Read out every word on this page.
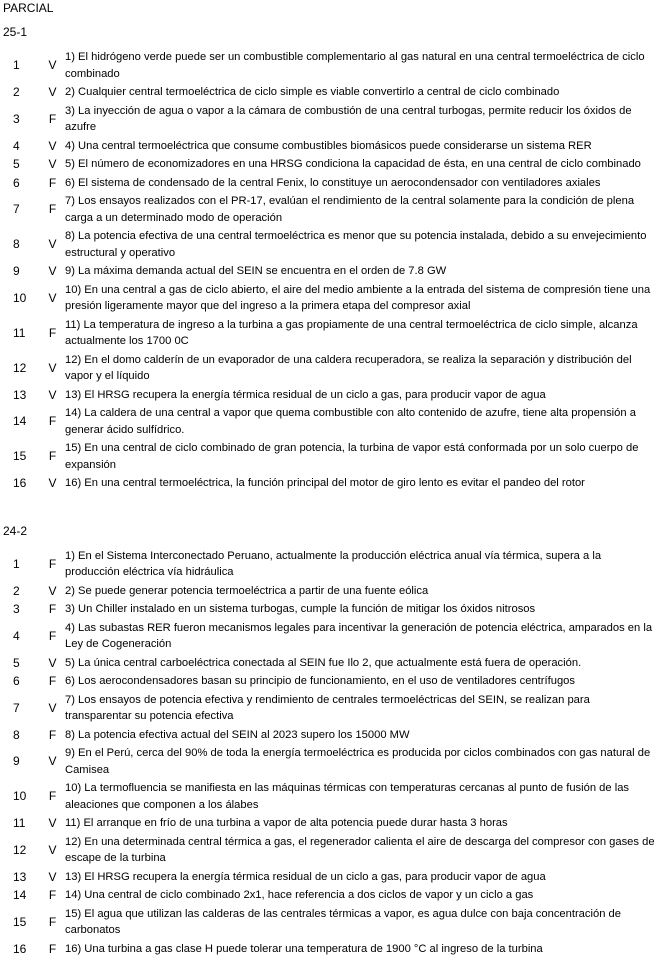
PARCIAL
25-1
1	V	1) El hidrógeno verde puede ser un combustible complementario al gas natural en una central termoeléctrica de ciclo combinado
2	V	2) Cualquier central termoeléctrica de ciclo simple es viable convertirlo a central de ciclo combinado
3	F	3) La inyección de agua o vapor a la cámara de combustión de una central turbogas, permite reducir los óxidos de azufre
4	V	4) Una central termoeléctrica que consume combustibles biomásicos puede considerarse un sistema RER
5	V	5) El número de economizadores en una HRSG condiciona la capacidad de ésta, en una central de ciclo combinado
6	F	6) El sistema de condensado de la central Fenix, lo constituye un aerocondensador con ventiladores axiales
7	F	7) Los ensayos realizados con el PR-17, evalúan el rendimiento de la central solamente para la condición de plena carga a un determinado modo de operación
8	V	8) La potencia efectiva de una central termoeléctrica es menor que su potencia instalada, debido a su envejecimiento estructural y operativo
9	V	9) La máxima demanda actual del SEIN se encuentra en el orden de 7.8 GW
10	V	10) En una central a gas de ciclo abierto, el aire del medio ambiente a la entrada del sistema de compresión tiene una presión ligeramente mayor que del ingreso a la primera etapa del compresor axial
11	F	11) La temperatura de ingreso a la turbina a gas propiamente de una central termoeléctrica de ciclo simple, alcanza actualmente los 1700 0C
12	V	12) En el domo calderín de un evaporador de una caldera recuperadora, se realiza la separación y distribución del vapor y el líquido
13	V	13) El HRSG recupera la energía térmica residual de un ciclo a gas, para producir vapor de agua
14	F	14) La caldera de una central a vapor que quema combustible con alto contenido de azufre, tiene alta propensión a generar ácido sulfídrico.
15	F	15) En una central de ciclo combinado de gran potencia, la turbina de vapor está conformada por un solo cuerpo de expansión
16	V	16) En una central termoeléctrica, la función principal del motor de giro lento es evitar el pandeo del rotor
24-2
1	F	1) En el Sistema Interconectado Peruano, actualmente la producción eléctrica anual vía térmica, supera a la producción eléctrica vía hidráulica
2	V	2) Se puede generar potencia termoeléctrica a partir de una fuente eólica
3	F	3) Un Chiller instalado en un sistema turbogas, cumple la función de mitigar los óxidos nitrosos
4	F	4) Las subastas RER fueron mecanismos legales para incentivar la generación de potencia eléctrica, amparados en la Ley de Cogeneración
5	V	5) La única central carboeléctrica conectada al SEIN fue Ilo 2, que actualmente está fuera de operación.
6	F	6) Los aerocondensadores basan su principio de funcionamiento, en el uso de ventiladores centrífugos
7	V	7) Los ensayos de potencia efectiva y rendimiento de centrales termoeléctricas del SEIN, se realizan para transparentar su potencia efectiva
8	F	8) La potencia efectiva actual del SEIN al 2023 supero los 15000 MW
9	V	9) En el Perú, cerca del 90% de toda la energía termoeléctrica es producida por ciclos combinados con gas natural de Camisea
10	F	10) La termofluencia se manifiesta en las máquinas térmicas con temperaturas cercanas al punto de fusión de las aleaciones que componen a los álabes
11	V	11) El arranque en frío de una turbina a vapor de alta potencia puede durar hasta 3 horas
12	V	12) En una determinada central térmica a gas, el regenerador calienta el aire de descarga del compresor con gases de escape de la turbina
13	V	13) El HRSG recupera la energía térmica residual de un ciclo a gas, para producir vapor de agua
14	F	14) Una central de ciclo combinado 2x1, hace referencia a dos ciclos de vapor y un ciclo a gas
15	F	15) El agua que utilizan las calderas de las centrales térmicas a vapor, es agua dulce con baja concentración de carbonatos
16	F	16) Una turbina a gas clase H puede tolerar una temperatura de 1900 °C al ingreso de la turbina
